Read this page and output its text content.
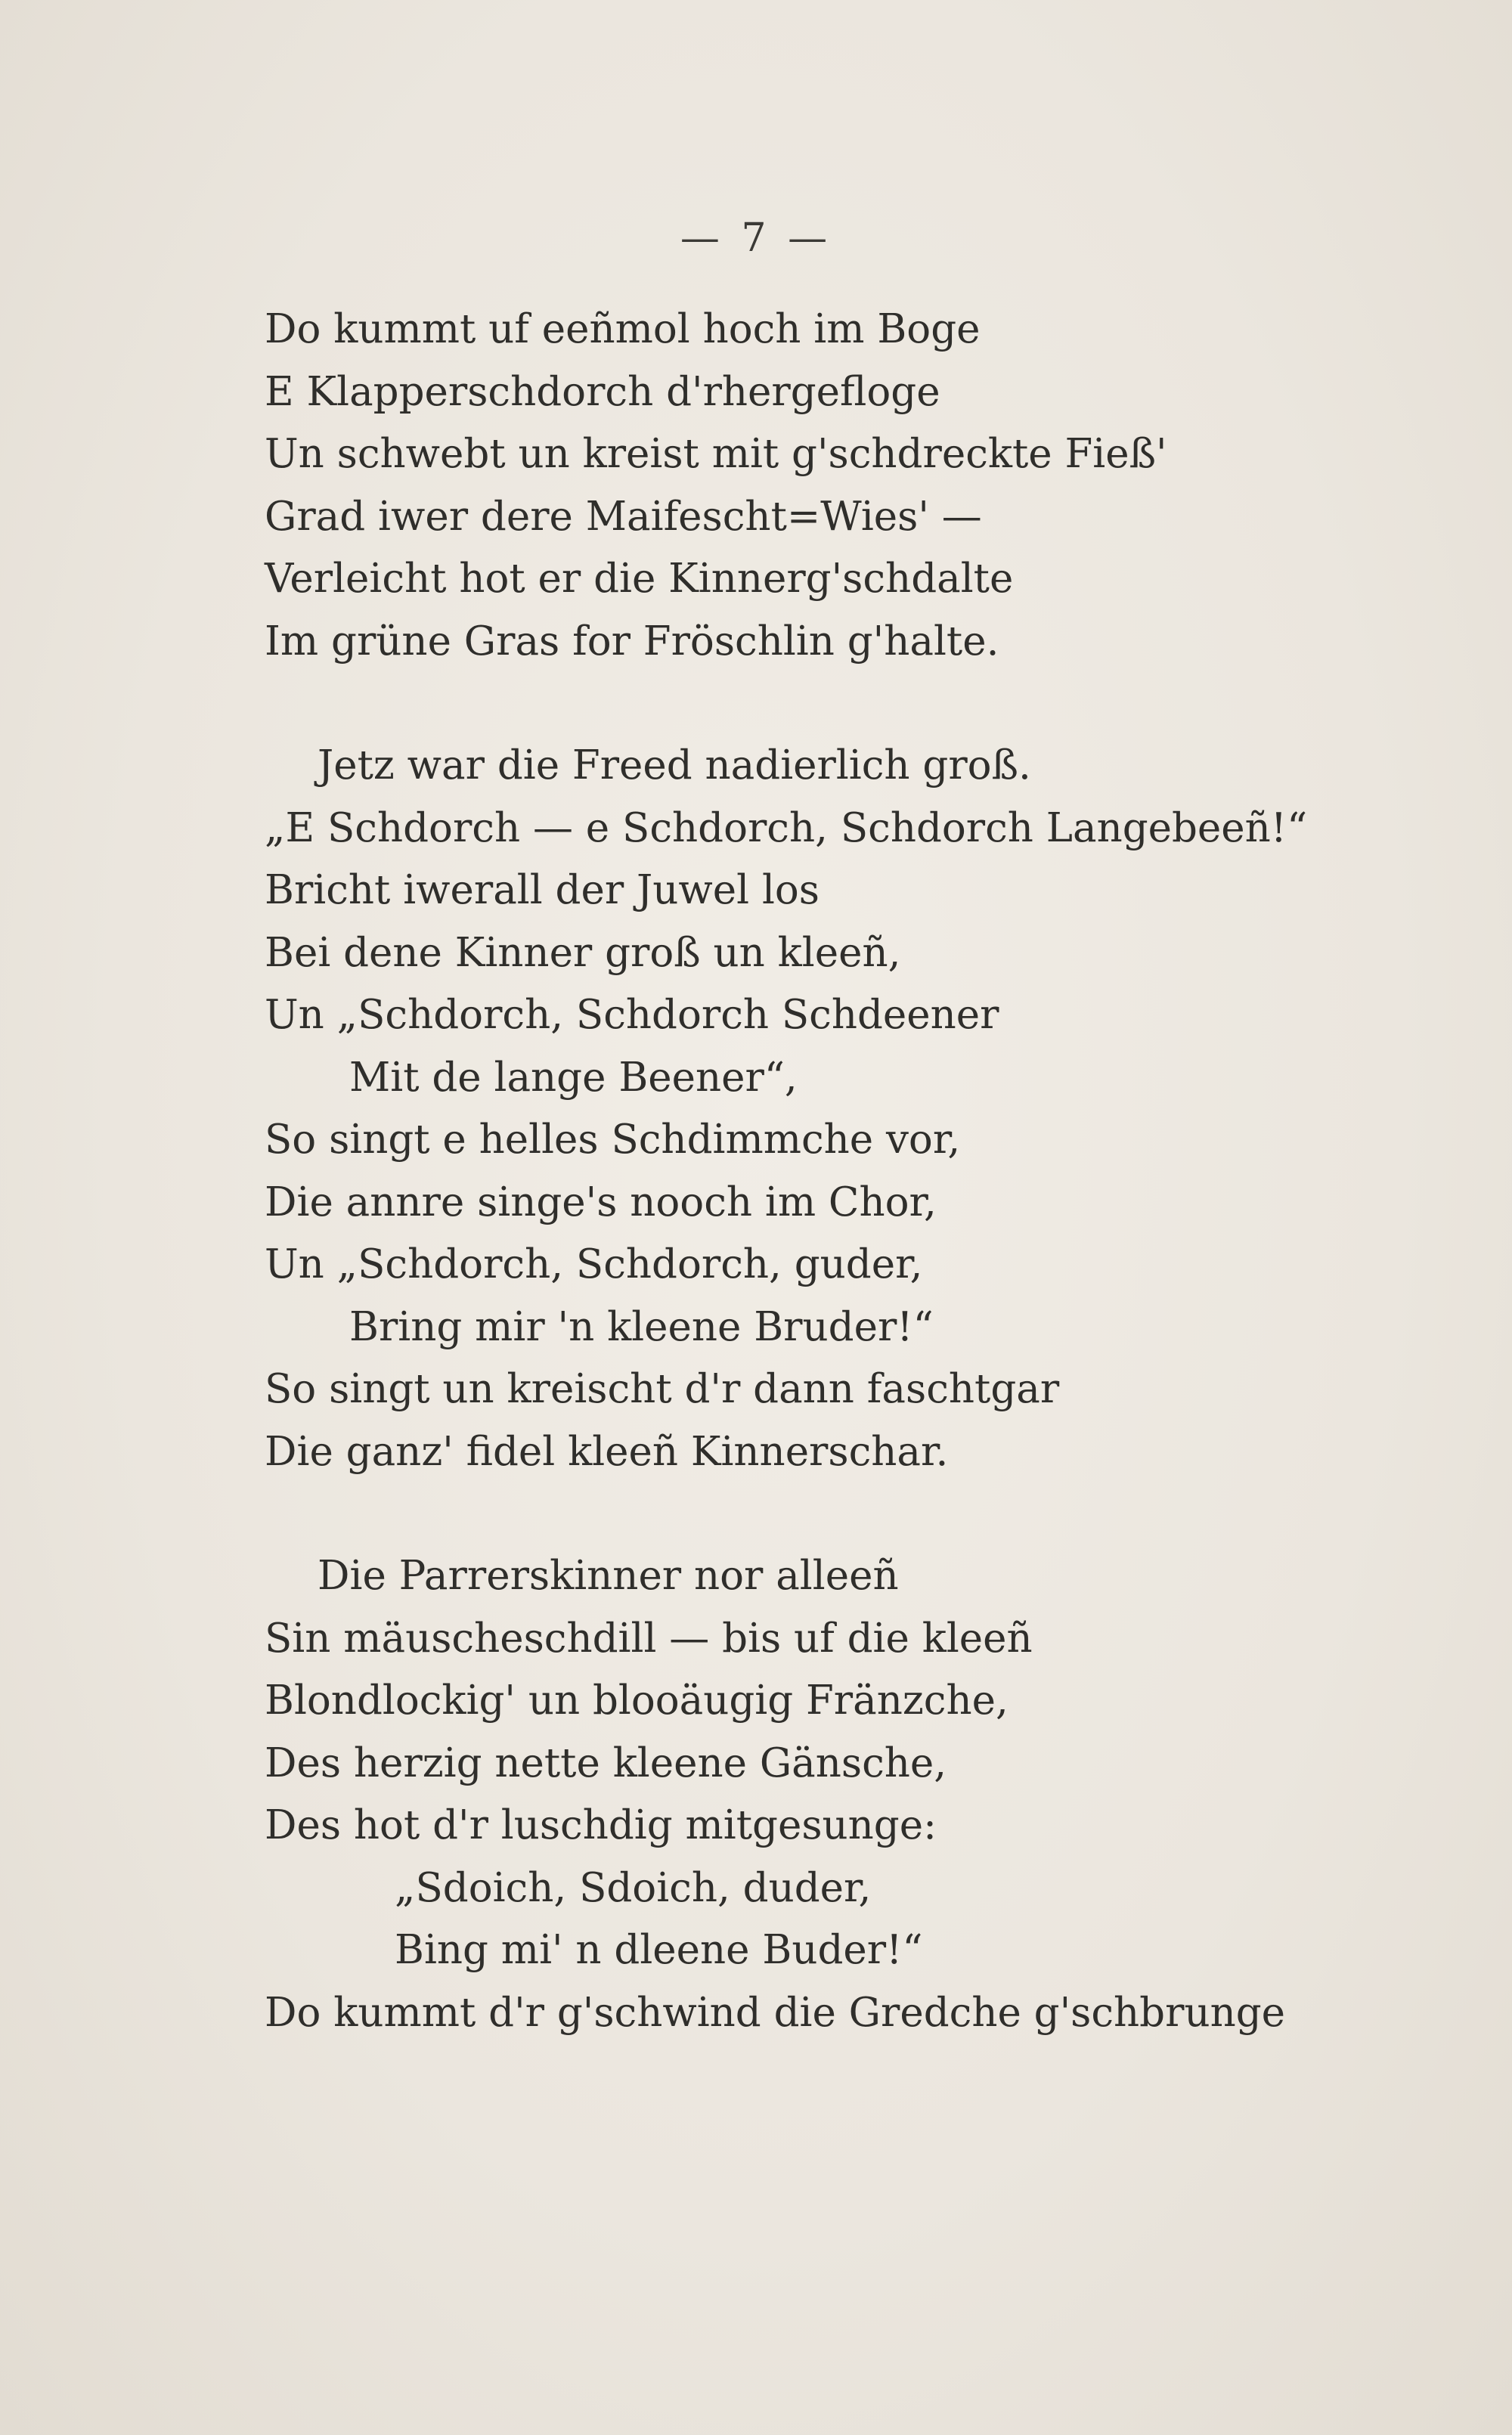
— 7 —
Do kummt uf eeñmol hoch im Boge
E Klapperschdorch d'rhergefloge
Un schwebt un kreist mit g'schdreckte Fieß'
Grad iwer dere Maifescht=Wies' —
Verleicht hot er die Kinnerg'schdalte
Im grüne Gras for Fröschlin g'halte.
Jetz war die Freed nadierlich groß.
„E Schdorch — e Schdorch, Schdorch Langebeeñ!“
Bricht iwerall der Juwel los
Bei dene Kinner groß un kleeñ,
Un „Schdorch, Schdorch Schdeener
Mit de lange Beener“,
So singt e helles Schdimmche vor,
Die annre singe's nooch im Chor,
Un „Schdorch, Schdorch, guder,
Bring mir 'n kleene Bruder!“
So singt un kreischt d'r dann faschtgar
Die ganz' fidel kleeñ Kinnerschar.
Die Parrerskinner nor alleeñ
Sin mäuscheschdill — bis uf die kleeñ
Blondlockig' un blooäugig Fränzche,
Des herzig nette kleene Gänsche,
Des hot d'r luschdig mitgesunge:
„Sdoich, Sdoich, duder,
Bing mi' n dleene Buder!“
Do kummt d'r g'schwind die Gredche g'schbrunge
